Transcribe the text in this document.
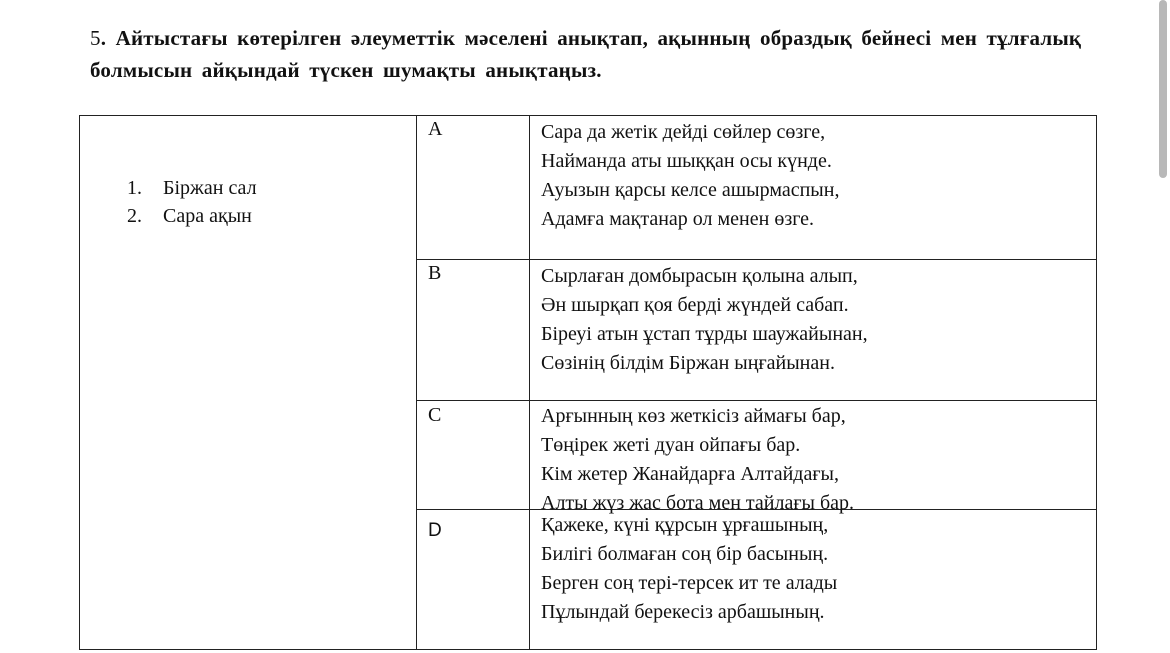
5. Айтыстағы көтерілген әлеуметтік мәселені анықтап, ақынның образдық бейнесі мен тұлғалық болмысын айқындай түскен шумақты анықтаңыз.

1.	Біржан сал
2.	Сара ақын
A	Сара да жетік дейді сөйлер сөзге,
Найманда аты шыққан осы күнде.
Ауызын қарсы келсе ашырмаспын,
Адамға мақтанар ол менен өзге.
B	Сырлаған домбырасын қолына алып,
Ән шырқап қоя берді жүндей сабап.
Біреуі атын ұстап тұрды шаужайынан,
Сөзінің білдім Біржан ыңғайынан.
C	Арғынның көз жеткісіз аймағы бар,
Төңірек жеті дуан ойпағы бар.
Кім жетер Жанайдарға Алтайдағы,
Алты жүз жас бота мен тайлағы бар.
D	Қажеке, күні құрсын ұрғашының,
Билігі болмаған соң бір басының.
Берген соң тері-терсек ит те алады
Пұлындай берекесіз арбашының.
